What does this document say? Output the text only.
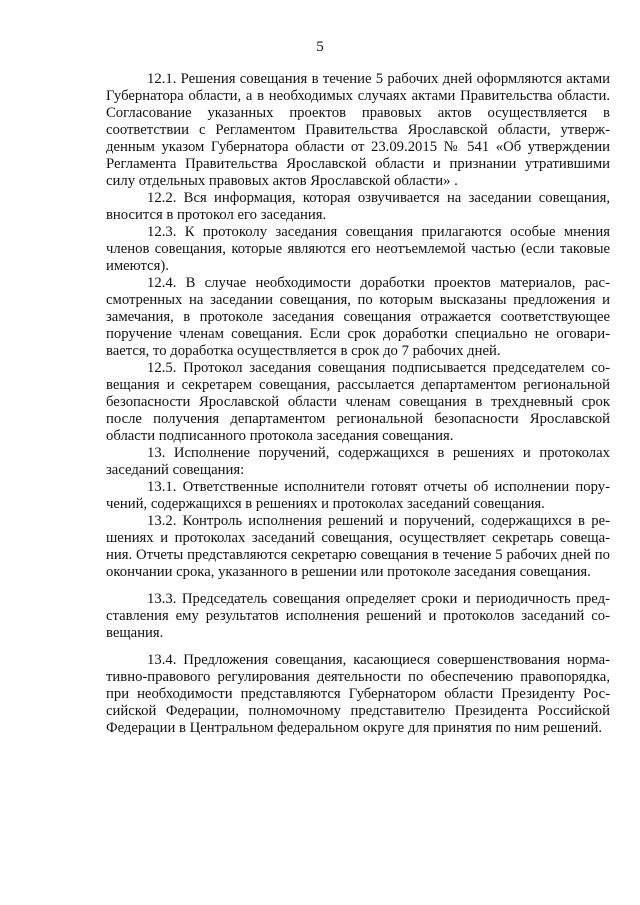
5

12.1. Решения совещания в течение 5 рабочих дней оформляются актами Губернатора области, а в необходимых случаях актами Правительства области. Согласование указанных проектов правовых актов осуществляется в соответствии с Регламентом Правительства Ярославской области, утвержденным указом Губернатора области от 23.09.2015 № 541 «Об утверждении Регламента Правительства Ярославской области и признании утратившими силу отдельных правовых актов Ярославской области» .

12.2. Вся информация, которая озвучивается на заседании совещания, вносится в протокол его заседания.

12.3. К протоколу заседания совещания прилагаются особые мнения членов совещания, которые являются его неотъемлемой частью (если таковые имеются).

12.4. В случае необходимости доработки проектов материалов, рассмотренных на заседании совещания, по которым высказаны предложения и замечания, в протоколе заседания совещания отражается соответствующее поручение членам совещания. Если срок доработки специально не оговаривается, то доработка осуществляется в срок до 7 рабочих дней.

12.5. Протокол заседания совещания подписывается председателем совещания и секретарем совещания, рассылается департаментом региональной безопасности Ярославской области членам совещания в трехдневный срок после получения департаментом региональной безопасности Ярославской области подписанного протокола заседания совещания.

13. Исполнение поручений, содержащихся в решениях и протоколах заседаний совещания:

13.1. Ответственные исполнители готовят отчеты об исполнении поручений, содержащихся в решениях и протоколах заседаний совещания.

13.2. Контроль исполнения решений и поручений, содержащихся в решениях и протоколах заседаний совещания, осуществляет секретарь совещания. Отчеты представляются секретарю совещания в течение 5 рабочих дней по окончании срока, указанного в решении или протоколе заседания совещания.

13.3. Председатель совещания определяет сроки и периодичность представления ему результатов исполнения решений и протоколов заседаний совещания.

13.4. Предложения совещания, касающиеся совершенствования нормативно-правового регулирования деятельности по обеспечению правопорядка, при необходимости представляются Губернатором области Президенту Российской Федерации, полномочному представителю Президента Российской Федерации в Центральном федеральном округе для принятия по ним решений.
